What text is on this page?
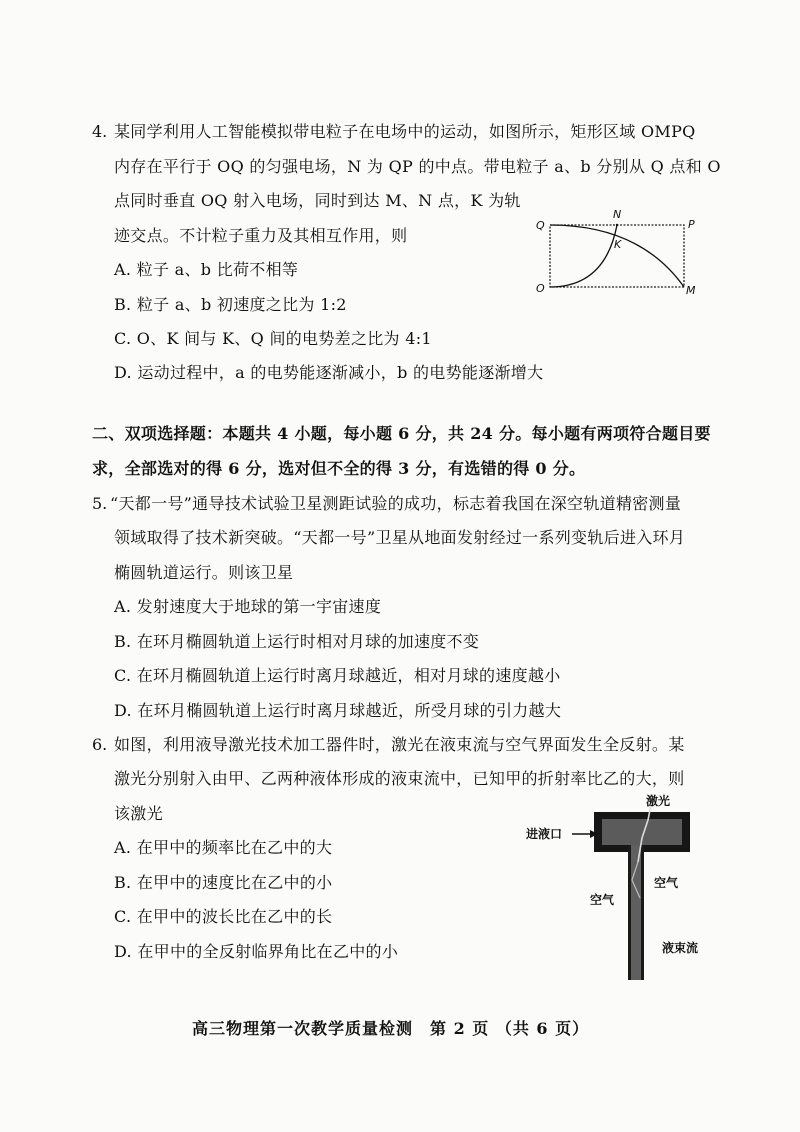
4. 某同学利用人工智能模拟带电粒子在电场中的运动，如图所示，矩形区域 OMPQ
内存在平行于 OQ 的匀强电场，N 为 QP 的中点。带电粒子 a、b 分别从 Q 点和 O
点同时垂直 OQ 射入电场，同时到达 M、N 点，K 为轨
迹交点。不计粒子重力及其相互作用，则
A. 粒子 a、b 比荷不相等
B. 粒子 a、b 初速度之比为 1:2
C. O、K 间与 K、Q 间的电势差之比为 4:1
D. 运动过程中，a 的电势能逐渐减小，b 的电势能逐渐增大
Q
N
P
K
O	M
二、双项选择题：本题共 4 小题，每小题 6 分，共 24 分。每小题有两项符合题目要
求，全部选对的得 6 分，选对但不全的得 3 分，有选错的得 0 分。
5. “天都一号”通导技术试验卫星测距试验的成功，标志着我国在深空轨道精密测量
领域取得了技术新突破。“天都一号”卫星从地面发射经过一系列变轨后进入环月
椭圆轨道运行。则该卫星
A. 发射速度大于地球的第一宇宙速度
B. 在环月椭圆轨道上运行时相对月球的加速度不变
C. 在环月椭圆轨道上运行时离月球越近，相对月球的速度越小
D. 在环月椭圆轨道上运行时离月球越近，所受月球的引力越大
6. 如图，利用液导激光技术加工器件时，激光在液束流与空气界面发生全反射。某
激光分别射入由甲、乙两种液体形成的液束流中，已知甲的折射率比乙的大，则
该激光
A. 在甲中的频率比在乙中的大
B. 在甲中的速度比在乙中的小
C. 在甲中的波长比在乙中的长
D. 在甲中的全反射临界角比在乙中的小
激光
进液口
空气
空气
液束流
高三物理第一次教学质量检测　第 2 页 （共 6 页）
